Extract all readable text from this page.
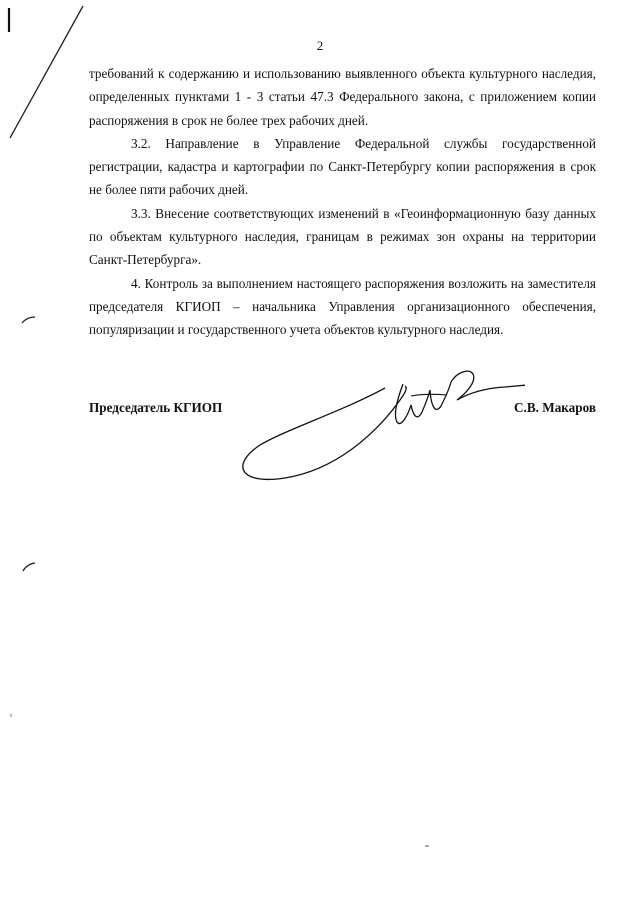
2

требований к содержанию и использованию выявленного объекта культурного наследия, определенных пунктами 1 - 3 статьи 47.3 Федерального закона, с приложением копии распоряжения в срок не более трех рабочих дней.

3.2. Направление в Управление Федеральной службы государственной регистрации, кадастра и картографии по Санкт-Петербургу копии распоряжения в срок не более пяти рабочих дней.

3.3. Внесение соответствующих изменений в «Геоинформационную базу данных по объектам культурного наследия, границам в режимах зон охраны на территории Санкт-Петербурга».

4. Контроль за выполнением настоящего распоряжения возложить на заместителя председателя КГИОП – начальника Управления организационного обеспечения, популяризации и государственного учета объектов культурного наследия.

Председатель КГИОП	С.В. Макаров
